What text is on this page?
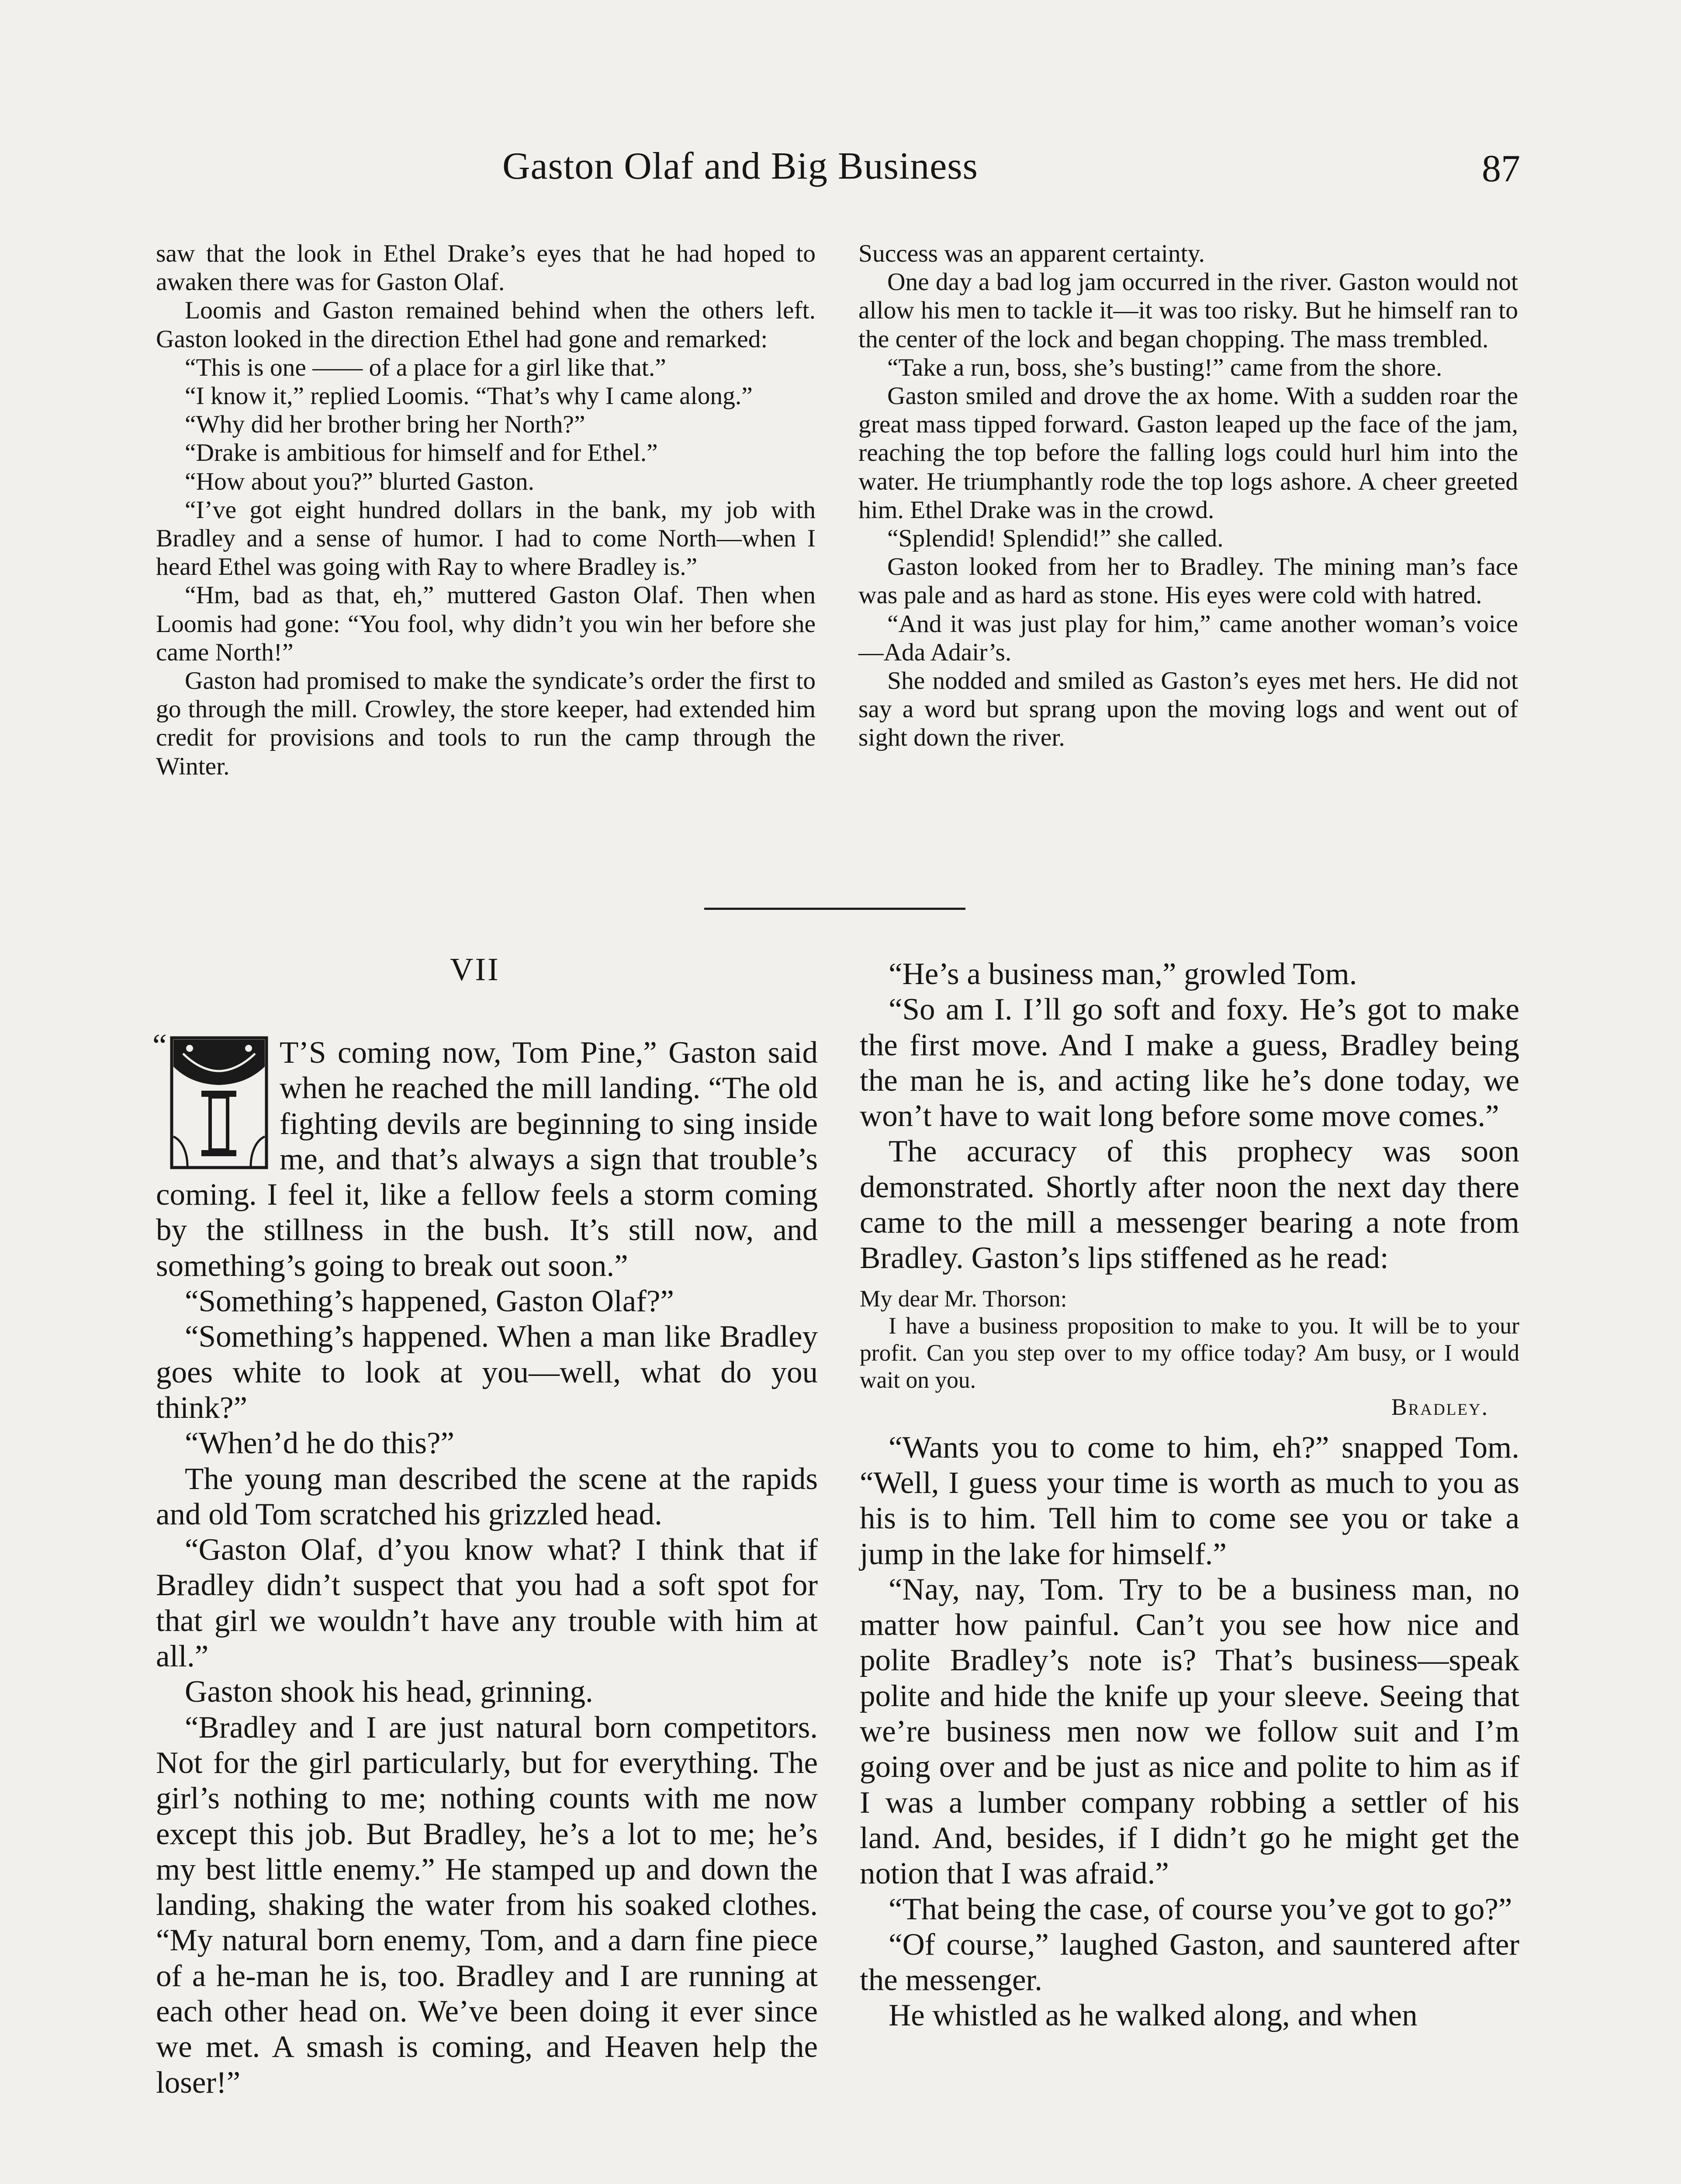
Gaston Olaf and Big Business	87

saw that the look in Ethel Drake’s eyes that he had hoped to awaken there was for Gaston Olaf.

Loomis and Gaston remained behind when the others left. Gaston looked in the direction Ethel had gone and remarked:

“This is one —— of a place for a girl like that.”

“I know it,” replied Loomis. “That’s why I came along.”

“Why did her brother bring her North?”

“Drake is ambitious for himself and for Ethel.”

“How about you?” blurted Gaston.

“I’ve got eight hundred dollars in the bank, my job with Bradley and a sense of humor. I had to come North—when I heard Ethel was going with Ray to where Bradley is.”

“Hm, bad as that, eh,” muttered Gaston Olaf. Then when Loomis had gone: “You fool, why didn’t you win her before she came North!”

Gaston had promised to make the syndicate’s order the first to go through the mill. Crowley, the store keeper, had extended him credit for provisions and tools to run the camp through the Winter.

Success was an apparent certainty.

One day a bad log jam occurred in the river. Gaston would not allow his men to tackle it—it was too risky. But he himself ran to the center of the lock and began chopping. The mass trembled.

“Take a run, boss, she’s busting!” came from the shore.

Gaston smiled and drove the ax home. With a sudden roar the great mass tipped forward. Gaston leaped up the face of the jam, reaching the top before the falling logs could hurl him into the water. He triumphantly rode the top logs ashore. A cheer greeted him. Ethel Drake was in the crowd.

“Splendid! Splendid!” she called.

Gaston looked from her to Bradley. The mining man’s face was pale and as hard as stone. His eyes were cold with hatred.

“And it was just play for him,” came another woman’s voice—Ada Adair’s.

She nodded and smiled as Gaston’s eyes met hers. He did not say a word but sprang upon the moving logs and went out of sight down the river.

VII
“	T’S coming now, Tom Pine,” Gaston said when he reached the mill landing. “The old fighting devils are beginning to sing inside me, and that’s always a sign that trouble’s coming. I feel it, like a fellow feels a storm coming by the stillness in the bush. It’s still now, and something’s going to break out soon.”

“Something’s happened, Gaston Olaf?”

“Something’s happened. When a man like Bradley goes white to look at you—well, what do you think?”

“When’d he do this?”

The young man described the scene at the rapids and old Tom scratched his grizzled head.

“Gaston Olaf, d’you know what? I think that if Bradley didn’t suspect that you had a soft spot for that girl we wouldn’t have any trouble with him at all.”

Gaston shook his head, grinning.

“Bradley and I are just natural born competitors. Not for the girl particularly, but for everything. The girl’s nothing to me; nothing counts with me now except this job. But Bradley, he’s a lot to me; he’s my best little enemy.” He stamped up and down the landing, shaking the water from his soaked clothes. “My natural born enemy, Tom, and a darn fine piece of a he-man he is, too. Bradley and I are running at each other head on. We’ve been doing it ever since we met. A smash is coming, and Heaven help the loser!”

“He’s a business man,” growled Tom.

“So am I. I’ll go soft and foxy. He’s got to make the first move. And I make a guess, Bradley being the man he is, and acting like he’s done today, we won’t have to wait long before some move comes.”

The accuracy of this prophecy was soon demonstrated. Shortly after noon the next day there came to the mill a messenger bearing a note from Bradley. Gaston’s lips stiffened as he read:

My dear Mr. Thorson:

I have a business proposition to make to you. It will be to your profit. Can you step over to my office today? Am busy, or I would wait on you.

Bradley.

“Wants you to come to him, eh?” snapped Tom. “Well, I guess your time is worth as much to you as his is to him. Tell him to come see you or take a jump in the lake for himself.”

“Nay, nay, Tom. Try to be a business man, no matter how painful. Can’t you see how nice and polite Bradley’s note is? That’s business—speak polite and hide the knife up your sleeve. Seeing that we’re business men now we follow suit and I’m going over and be just as nice and polite to him as if I was a lumber company robbing a settler of his land. And, besides, if I didn’t go he might get the notion that I was afraid.”

“That being the case, of course you’ve got to go?”

“Of course,” laughed Gaston, and sauntered after the messenger.

He whistled as he walked along, and when
